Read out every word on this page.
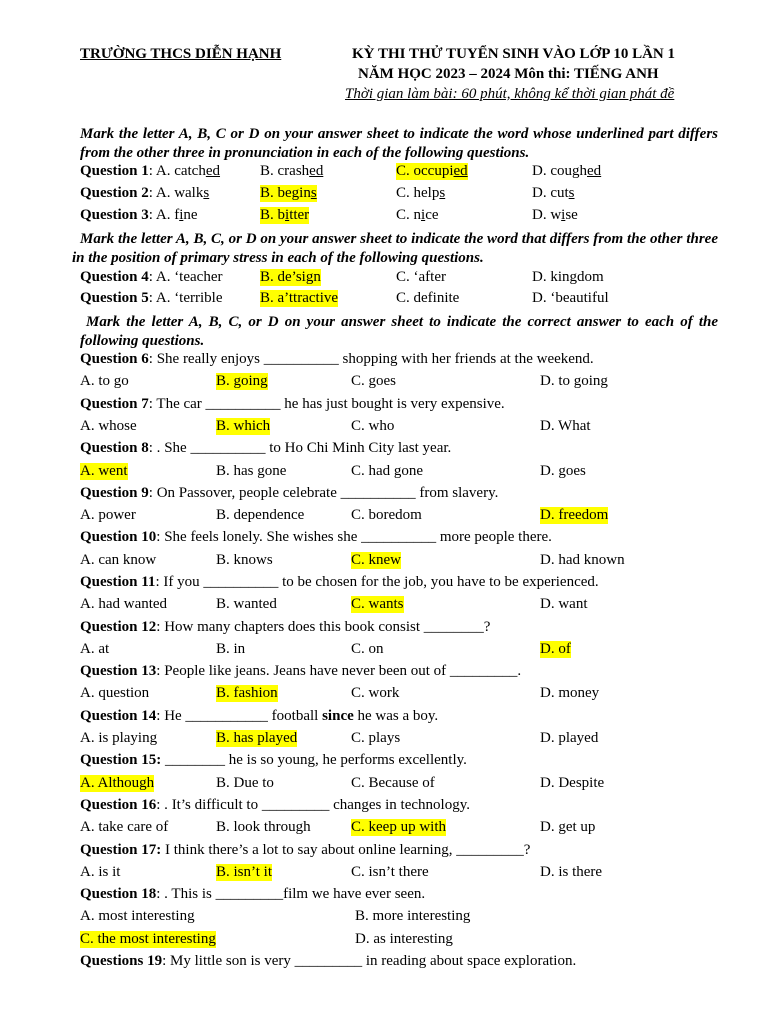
TRƯỜNG THCS DIỄN HẠNH	KỲ THI THỬ TUYỂN SINH VÀO LỚP 10 LẦN 1
NĂM HỌC 2023 – 2024 Môn thi: TIẾNG ANH
Thời gian làm bài: 60 phút, không kể thời gian phát đề
Mark the letter A, B, C or D on your answer sheet to indicate the word whose underlined part differs from the other three in pronunciation in each of the following questions.
Question 1: A. catched	B. crashed	C. occupied	D. coughed
Question 2: A. walks	B. begins	C. helps	D. cuts
Question 3: A. fine	B. bitter	C. nice	D. wise
Mark the letter A, B, C, or D on your answer sheet to indicate the word that differs from the other three in the position of primary stress in each of the following questions.
Question 4: A. ‘teacher	B. de’sign	C. ‘after	D. kingdom
Question 5: A. ‘terrible	B. a’ttractive	C. definite	D. ‘beautiful
Mark the letter A, B, C, or D on your answer sheet to indicate the correct answer to each of the following questions.
Question 6: She really enjoys __________ shopping with her friends at the weekend.
A. to go	B. going	C. goes	D. to going
Question 7: The car __________ he has just bought is very expensive.
A. whose	B. which	C. who	D. What
Question 8: . She __________ to Ho Chi Minh City last year.
A. went	B. has gone	C. had gone	D. goes
Question 9: On Passover, people celebrate __________ from slavery.
A. power	B. dependence	C. boredom	D. freedom
Question 10: She feels lonely. She wishes she __________ more people there.
A. can know	B. knows	C. knew	D. had known
Question 11: If you __________ to be chosen for the job, you have to be experienced.
A. had wanted	B. wanted	C. wants	D. want
Question 12: How many chapters does this book consist ________?
A. at	B. in	C. on	D. of
Question 13: People like jeans. Jeans have never been out of _________.
A. question	B. fashion	C. work	D. money
Question 14: He ___________ football since he was a boy.
A. is playing	B. has played	C. plays	D. played
Question 15: ________ he is so young, he performs excellently.
A. Although	B. Due to	C. Because of	D. Despite
Question 16: . It’s difficult to _________ changes in technology.
A. take care of	B. look through	C. keep up with	D. get up
Question 17: I think there’s a lot to say about online learning, _________?
A. is it	B. isn’t it	C. isn’t there	D. is there
Question 18: . This is _________film we have ever seen.
A. most interesting	B. more interesting
C. the most interesting	D. as interesting
Questions 19: My little son is very _________ in reading about space exploration.
